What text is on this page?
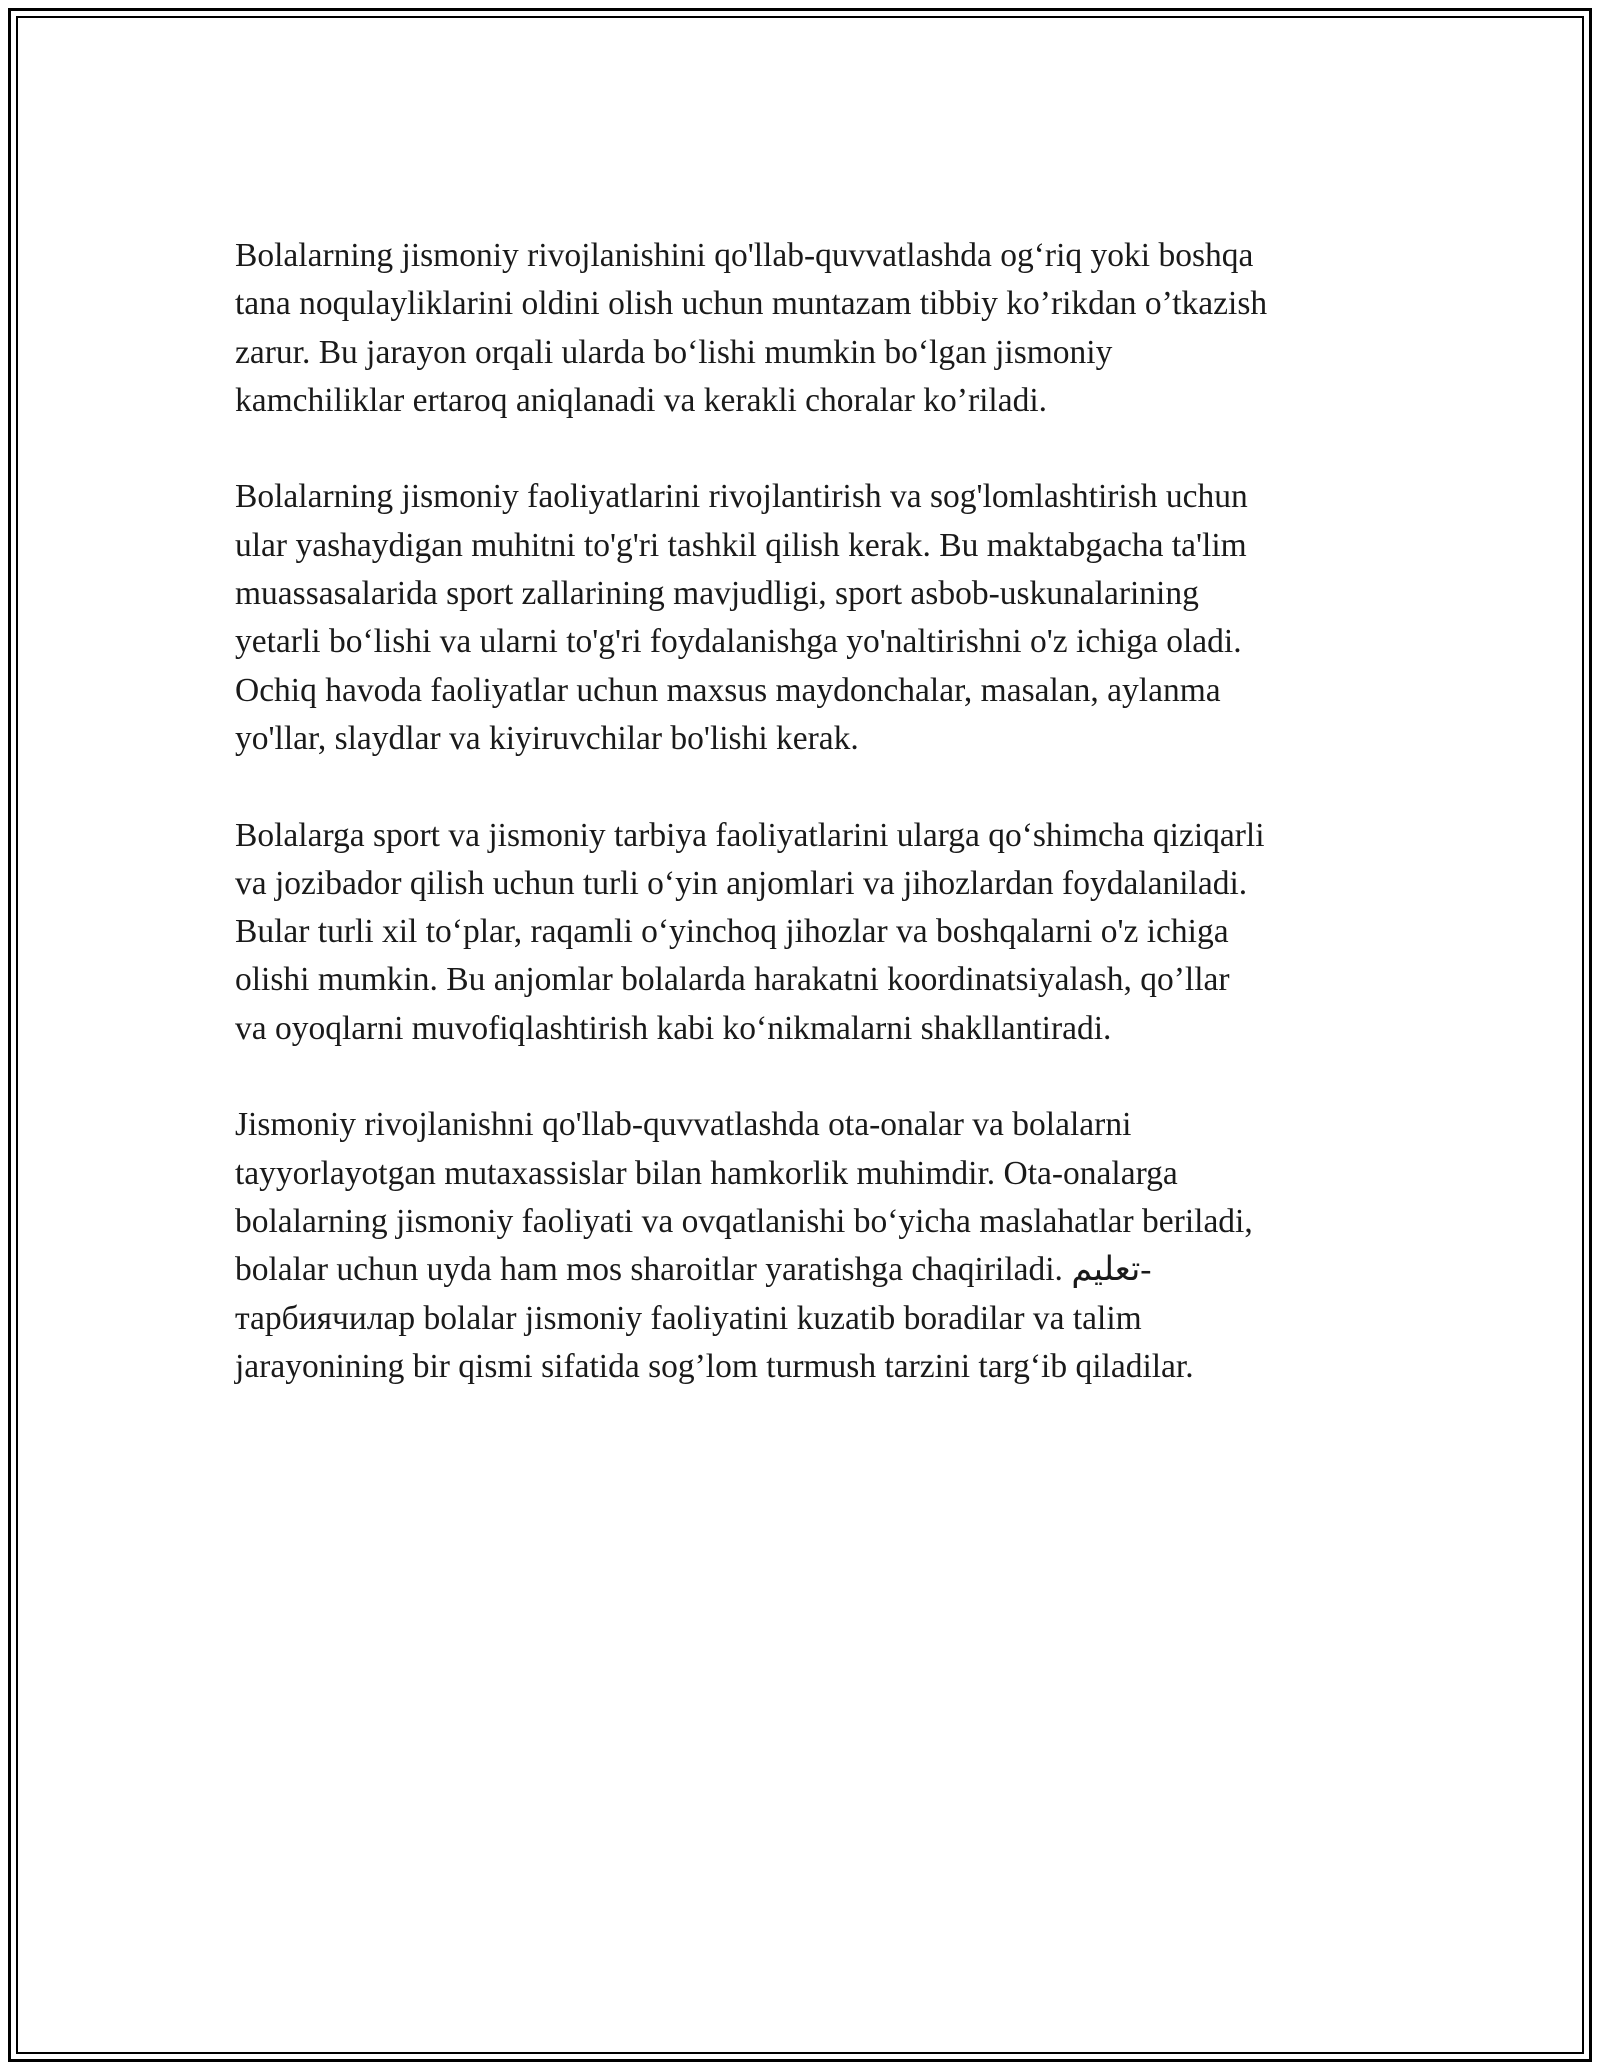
Bolalarning jismoniy rivojlanishini qo'llab-quvvatlashda og‘riq yoki boshqa
tana noqulayliklarini oldini olish uchun muntazam tibbiy ko’rikdan o’tkazish
zarur. Bu jarayon orqali ularda bo‘lishi mumkin bo‘lgan jismoniy
kamchiliklar ertaroq aniqlanadi va kerakli choralar ko’riladi.

Bolalarning jismoniy faoliyatlarini rivojlantirish va sog'lomlashtirish uchun
ular yashaydigan muhitni to'g'ri tashkil qilish kerak. Bu maktabgacha ta'lim
muassasalarida sport zallarining mavjudligi, sport asbob-uskunalarining
yetarli bo‘lishi va ularni to'g'ri foydalanishga yo'naltirishni o'z ichiga oladi.
Ochiq havoda faoliyatlar uchun maxsus maydonchalar, masalan, aylanma
yo'llar, slaydlar va kiyiruvchilar bo'lishi kerak.

Bolalarga sport va jismoniy tarbiya faoliyatlarini ularga qo‘shimcha qiziqarli
va jozibador qilish uchun turli o‘yin anjomlari va jihozlardan foydalaniladi.
Bular turli xil to‘plar, raqamli o‘yinchoq jihozlar va boshqalarni o'z ichiga
olishi mumkin. Bu anjomlar bolalarda harakatni koordinatsiyalash, qo’llar
va oyoqlarni muvofiqlashtirish kabi ko‘nikmalarni shakllantiradi.

Jismoniy rivojlanishni qo'llab-quvvatlashda ota-onalar va bolalarni
tayyorlayotgan mutaxassislar bilan hamkorlik muhimdir. Ota-onalarga
bolalarning jismoniy faoliyati va ovqatlanishi bo‘yicha maslahatlar beriladi,
bolalar uchun uyda ham mos sharoitlar yaratishga chaqiriladi. تعليم-
тарбиячилар bolalar jismoniy faoliyatini kuzatib boradilar va talim
jarayonining bir qismi sifatida sog’lom turmush tarzini targ‘ib qiladilar.
